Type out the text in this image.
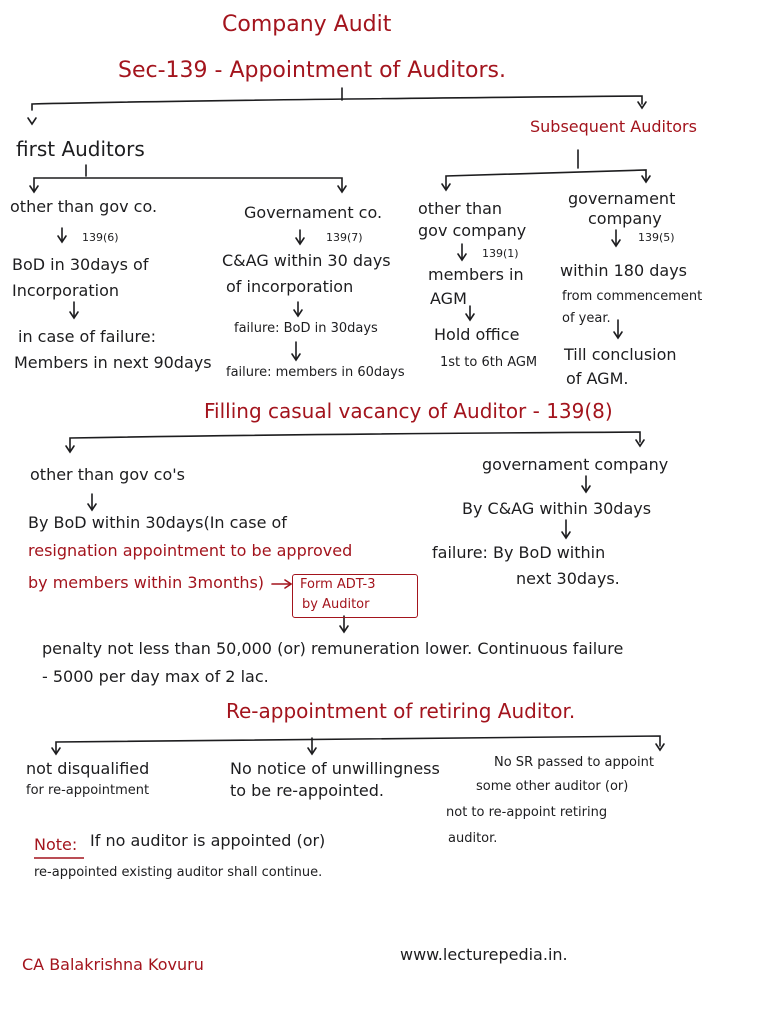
Company Audit
Sec-139 - Appointment of Auditors.
first Auditors
Subsequent Auditors
other than gov co.
139(6)
BoD in 30days of
Incorporation
in case of failure:
Members in next 90days
Governament co.
139(7)
C&AG within 30 days
of incorporation
failure: BoD in 30days
failure: members in 60days
other than
gov company
139(1)
members in
AGM
Hold office
1st to 6th AGM
governament
company
139(5)
within 180 days
from commencement
of year.
Till conclusion
of AGM.
Filling casual vacancy of Auditor - 139(8)
other than gov co's
By BoD within 30days(In case of
resignation appointment to be approved
by members within 3months)	Form ADT-3
by Auditor
governament company
By C&AG within 30days
failure: By BoD within
next 30days.
penalty not less than 50,000 (or) remuneration lower. Continuous failure
- 5000 per day max of 2 lac.
Re-appointment of retiring Auditor.
not disqualified
for re-appointment
No notice of unwillingness
to be re-appointed.
No SR passed to appoint
some other auditor (or)
not to re-appoint retiring
auditor.
Note: If no auditor is appointed (or)
re-appointed existing auditor shall continue.
CA Balakrishna Kovuru
www.lecturepedia.in.
